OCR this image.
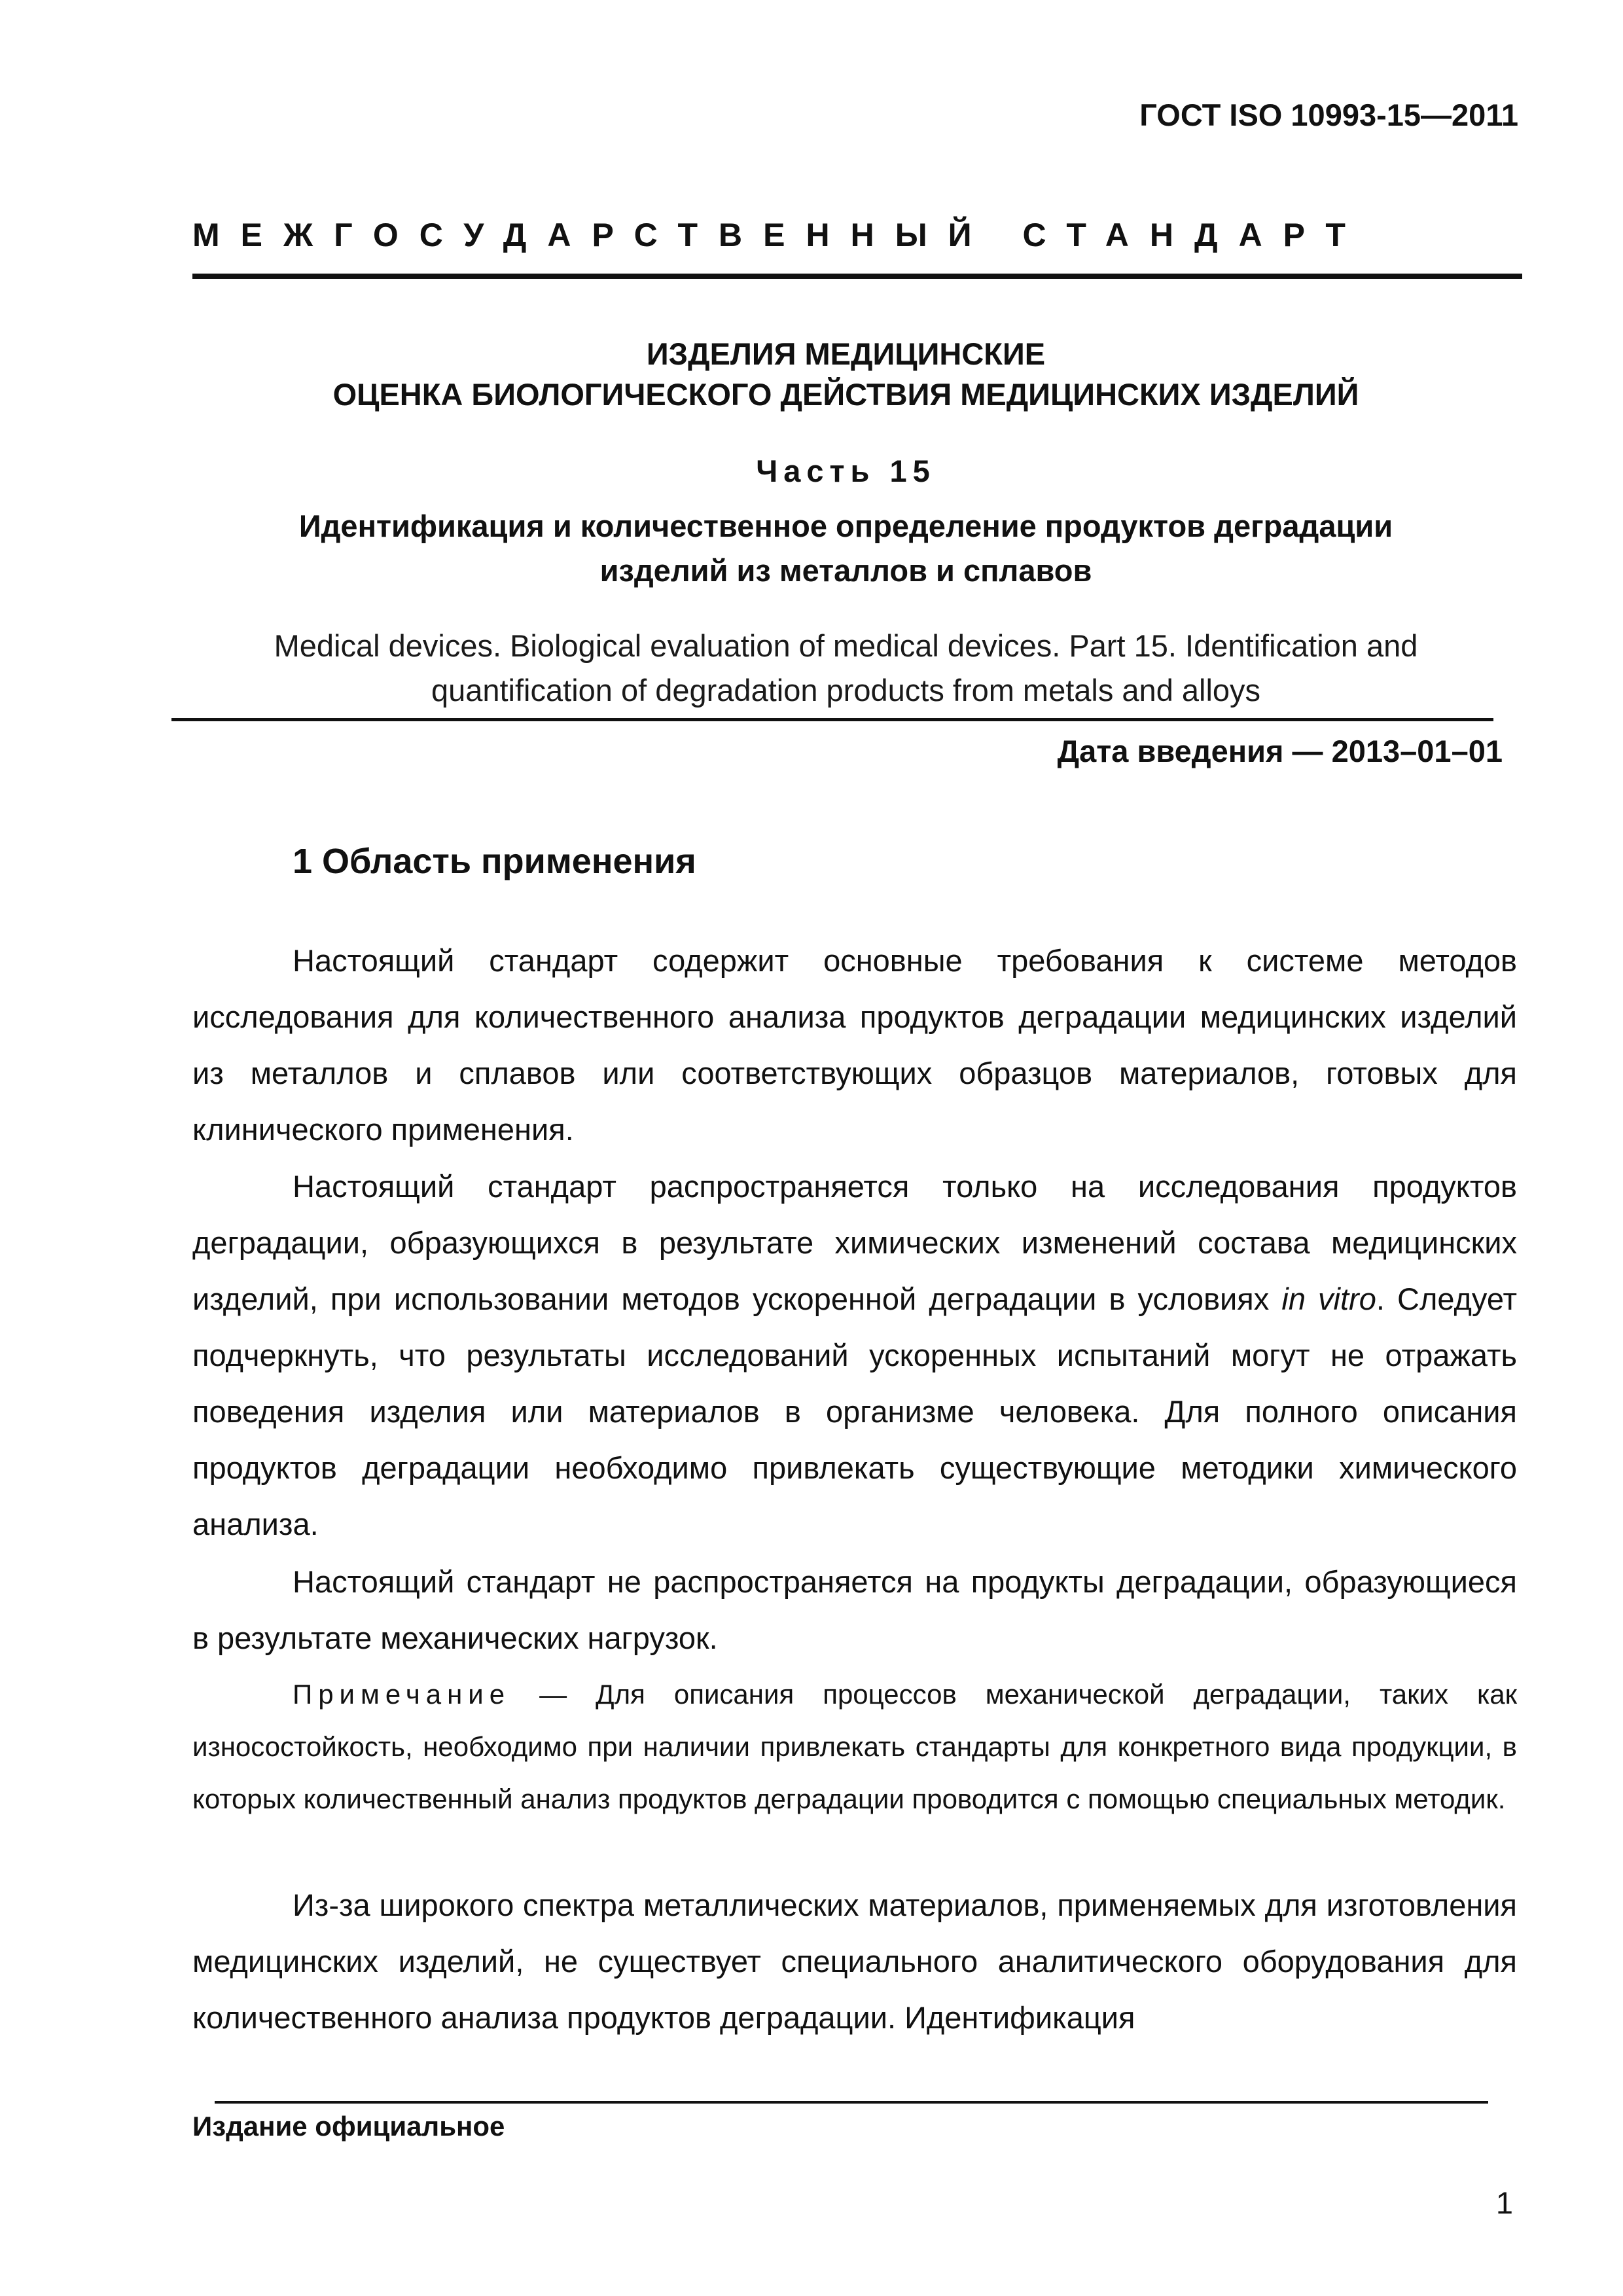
ГОСТ ISO 10993-15—2011
МЕЖГОСУДАРСТВЕННЫЙ СТАНДАРТ
ИЗДЕЛИЯ МЕДИЦИНСКИЕ
ОЦЕНКА БИОЛОГИЧЕСКОГО ДЕЙСТВИЯ МЕДИЦИНСКИХ ИЗДЕЛИЙ
Часть 15
Идентификация и количественное определение продуктов деградации
изделий из металлов и сплавов
Medical devices. Biological evaluation of medical devices. Part 15. Identification and
quantification of degradation products from metals and alloys
Дата введения — 2013–01–01
1 Область применения

Настоящий стандарт содержит основные требования к системе методов исследования для количественного анализа продуктов деградации медицинских изделий из металлов и сплавов или соответствующих образцов материалов, готовых для клинического применения.

Настоящий стандарт распространяется только на исследования продуктов деградации, образующихся в результате химических изменений состава медицинских изделий, при использовании методов ускоренной деградации в условиях in vitro. Следует подчеркнуть, что результаты исследований ускоренных испытаний могут не отражать поведения изделия или материалов в организме человека. Для полного описания продуктов деградации необходимо привлекать существующие методики химического анализа.

Настоящий стандарт не распространяется на продукты деградации, образующиеся в результате механических нагрузок.

Примечание — Для описания процессов механической деградации, таких как износостойкость, необходимо при наличии привлекать стандарты для конкретного вида продукции, в которых количественный анализ продуктов деградации проводится с помощью специальных методик.

Из-за широкого спектра металлических материалов, применяемых для изготовления медицинских изделий, не существует специального аналитического оборудования для количественного анализа продуктов деградации. Идентификация

Издание официальное
1
